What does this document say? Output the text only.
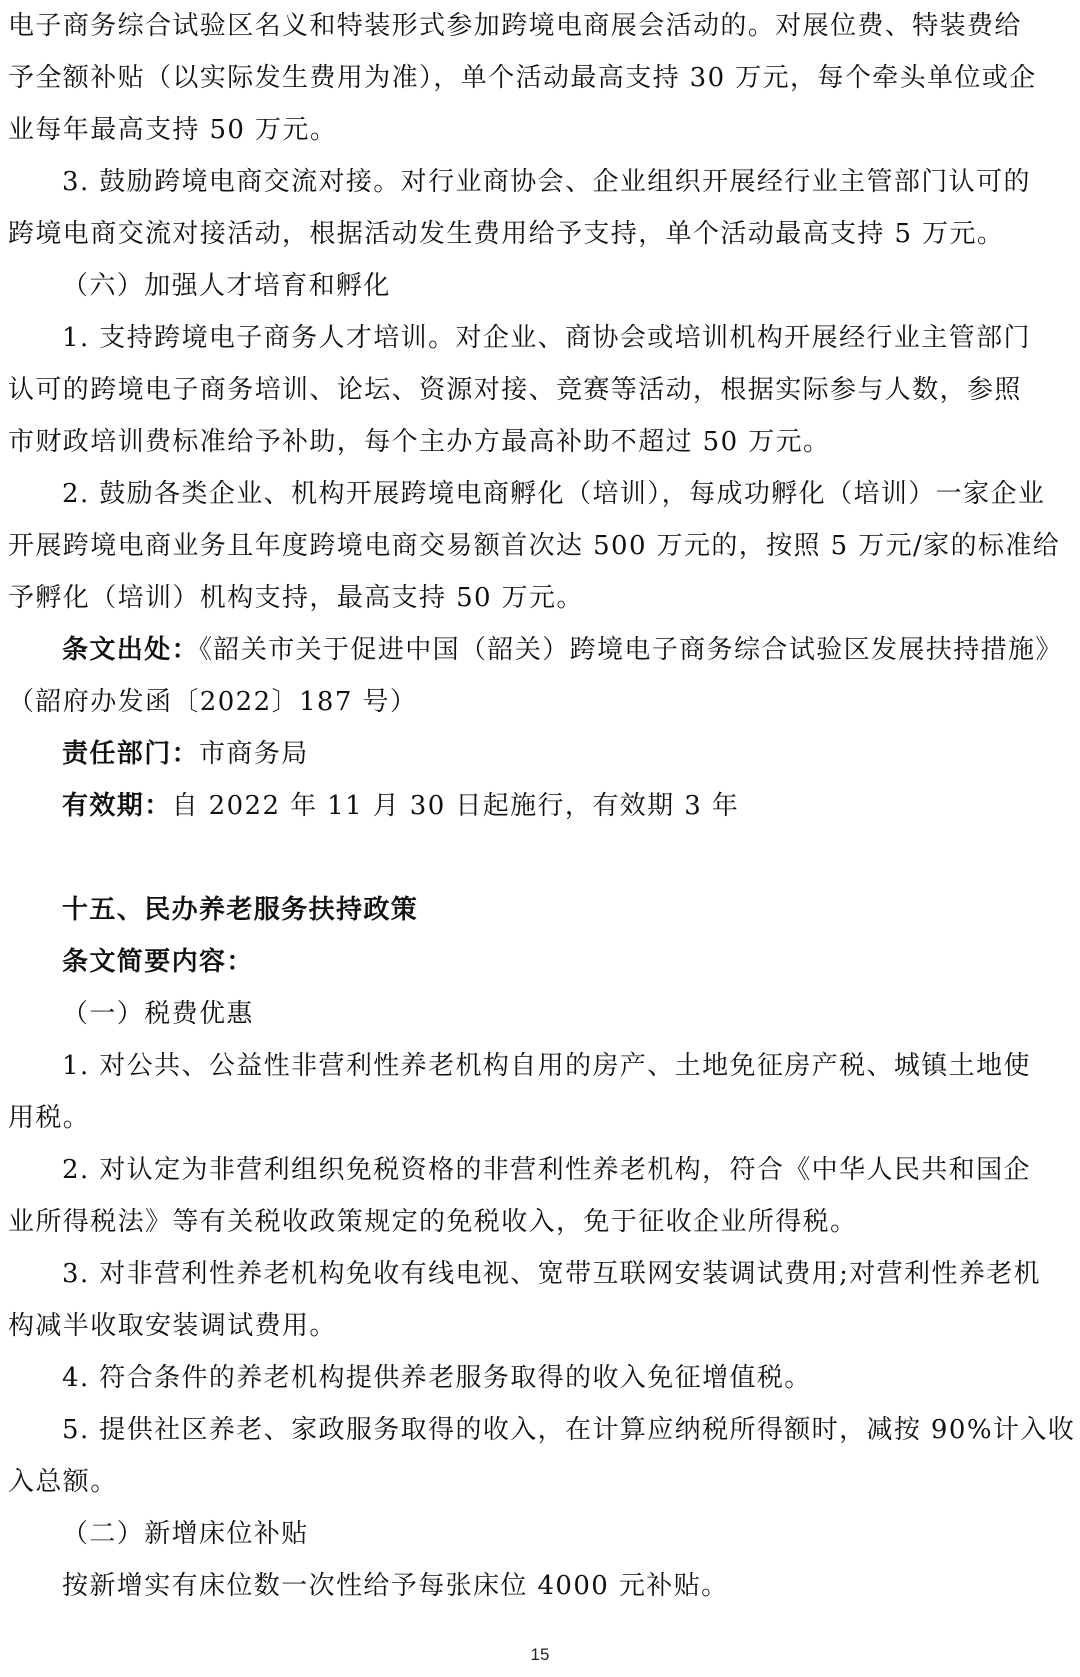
电子商务综合试验区名义和特装形式参加跨境电商展会活动的。对展位费、特装费给
予全额补贴（以实际发生费用为准），单个活动最高支持 30 万元，每个牵头单位或企
业每年最高支持 50 万元。
3. 鼓励跨境电商交流对接。对行业商协会、企业组织开展经行业主管部门认可的
跨境电商交流对接活动，根据活动发生费用给予支持，单个活动最高支持 5 万元。
（六）加强人才培育和孵化
1. 支持跨境电子商务人才培训。对企业、商协会或培训机构开展经行业主管部门
认可的跨境电子商务培训、论坛、资源对接、竞赛等活动，根据实际参与人数，参照
市财政培训费标准给予补助，每个主办方最高补助不超过 50 万元。
2. 鼓励各类企业、机构开展跨境电商孵化（培训），每成功孵化（培训）一家企业
开展跨境电商业务且年度跨境电商交易额首次达 500 万元的，按照 5 万元/家的标准给
予孵化（培训）机构支持，最高支持 50 万元。
条文出处：《韶关市关于促进中国（韶关）跨境电子商务综合试验区发展扶持措施》
（韶府办发函〔2022〕187 号）
责任部门：市商务局
有效期：自 2022 年 11 月 30 日起施行，有效期 3 年
十五、民办养老服务扶持政策
条文简要内容：
（一）税费优惠
1. 对公共、公益性非营利性养老机构自用的房产、土地免征房产税、城镇土地使
用税。
2. 对认定为非营利组织免税资格的非营利性养老机构，符合《中华人民共和国企
业所得税法》等有关税收政策规定的免税收入，免于征收企业所得税。
3. 对非营利性养老机构免收有线电视、宽带互联网安装调试费用;对营利性养老机
构减半收取安装调试费用。
4. 符合条件的养老机构提供养老服务取得的收入免征增值税。
5. 提供社区养老、家政服务取得的收入，在计算应纳税所得额时，减按 90%计入收
入总额。
（二）新增床位补贴
按新增实有床位数一次性给予每张床位 4000 元补贴。
15
